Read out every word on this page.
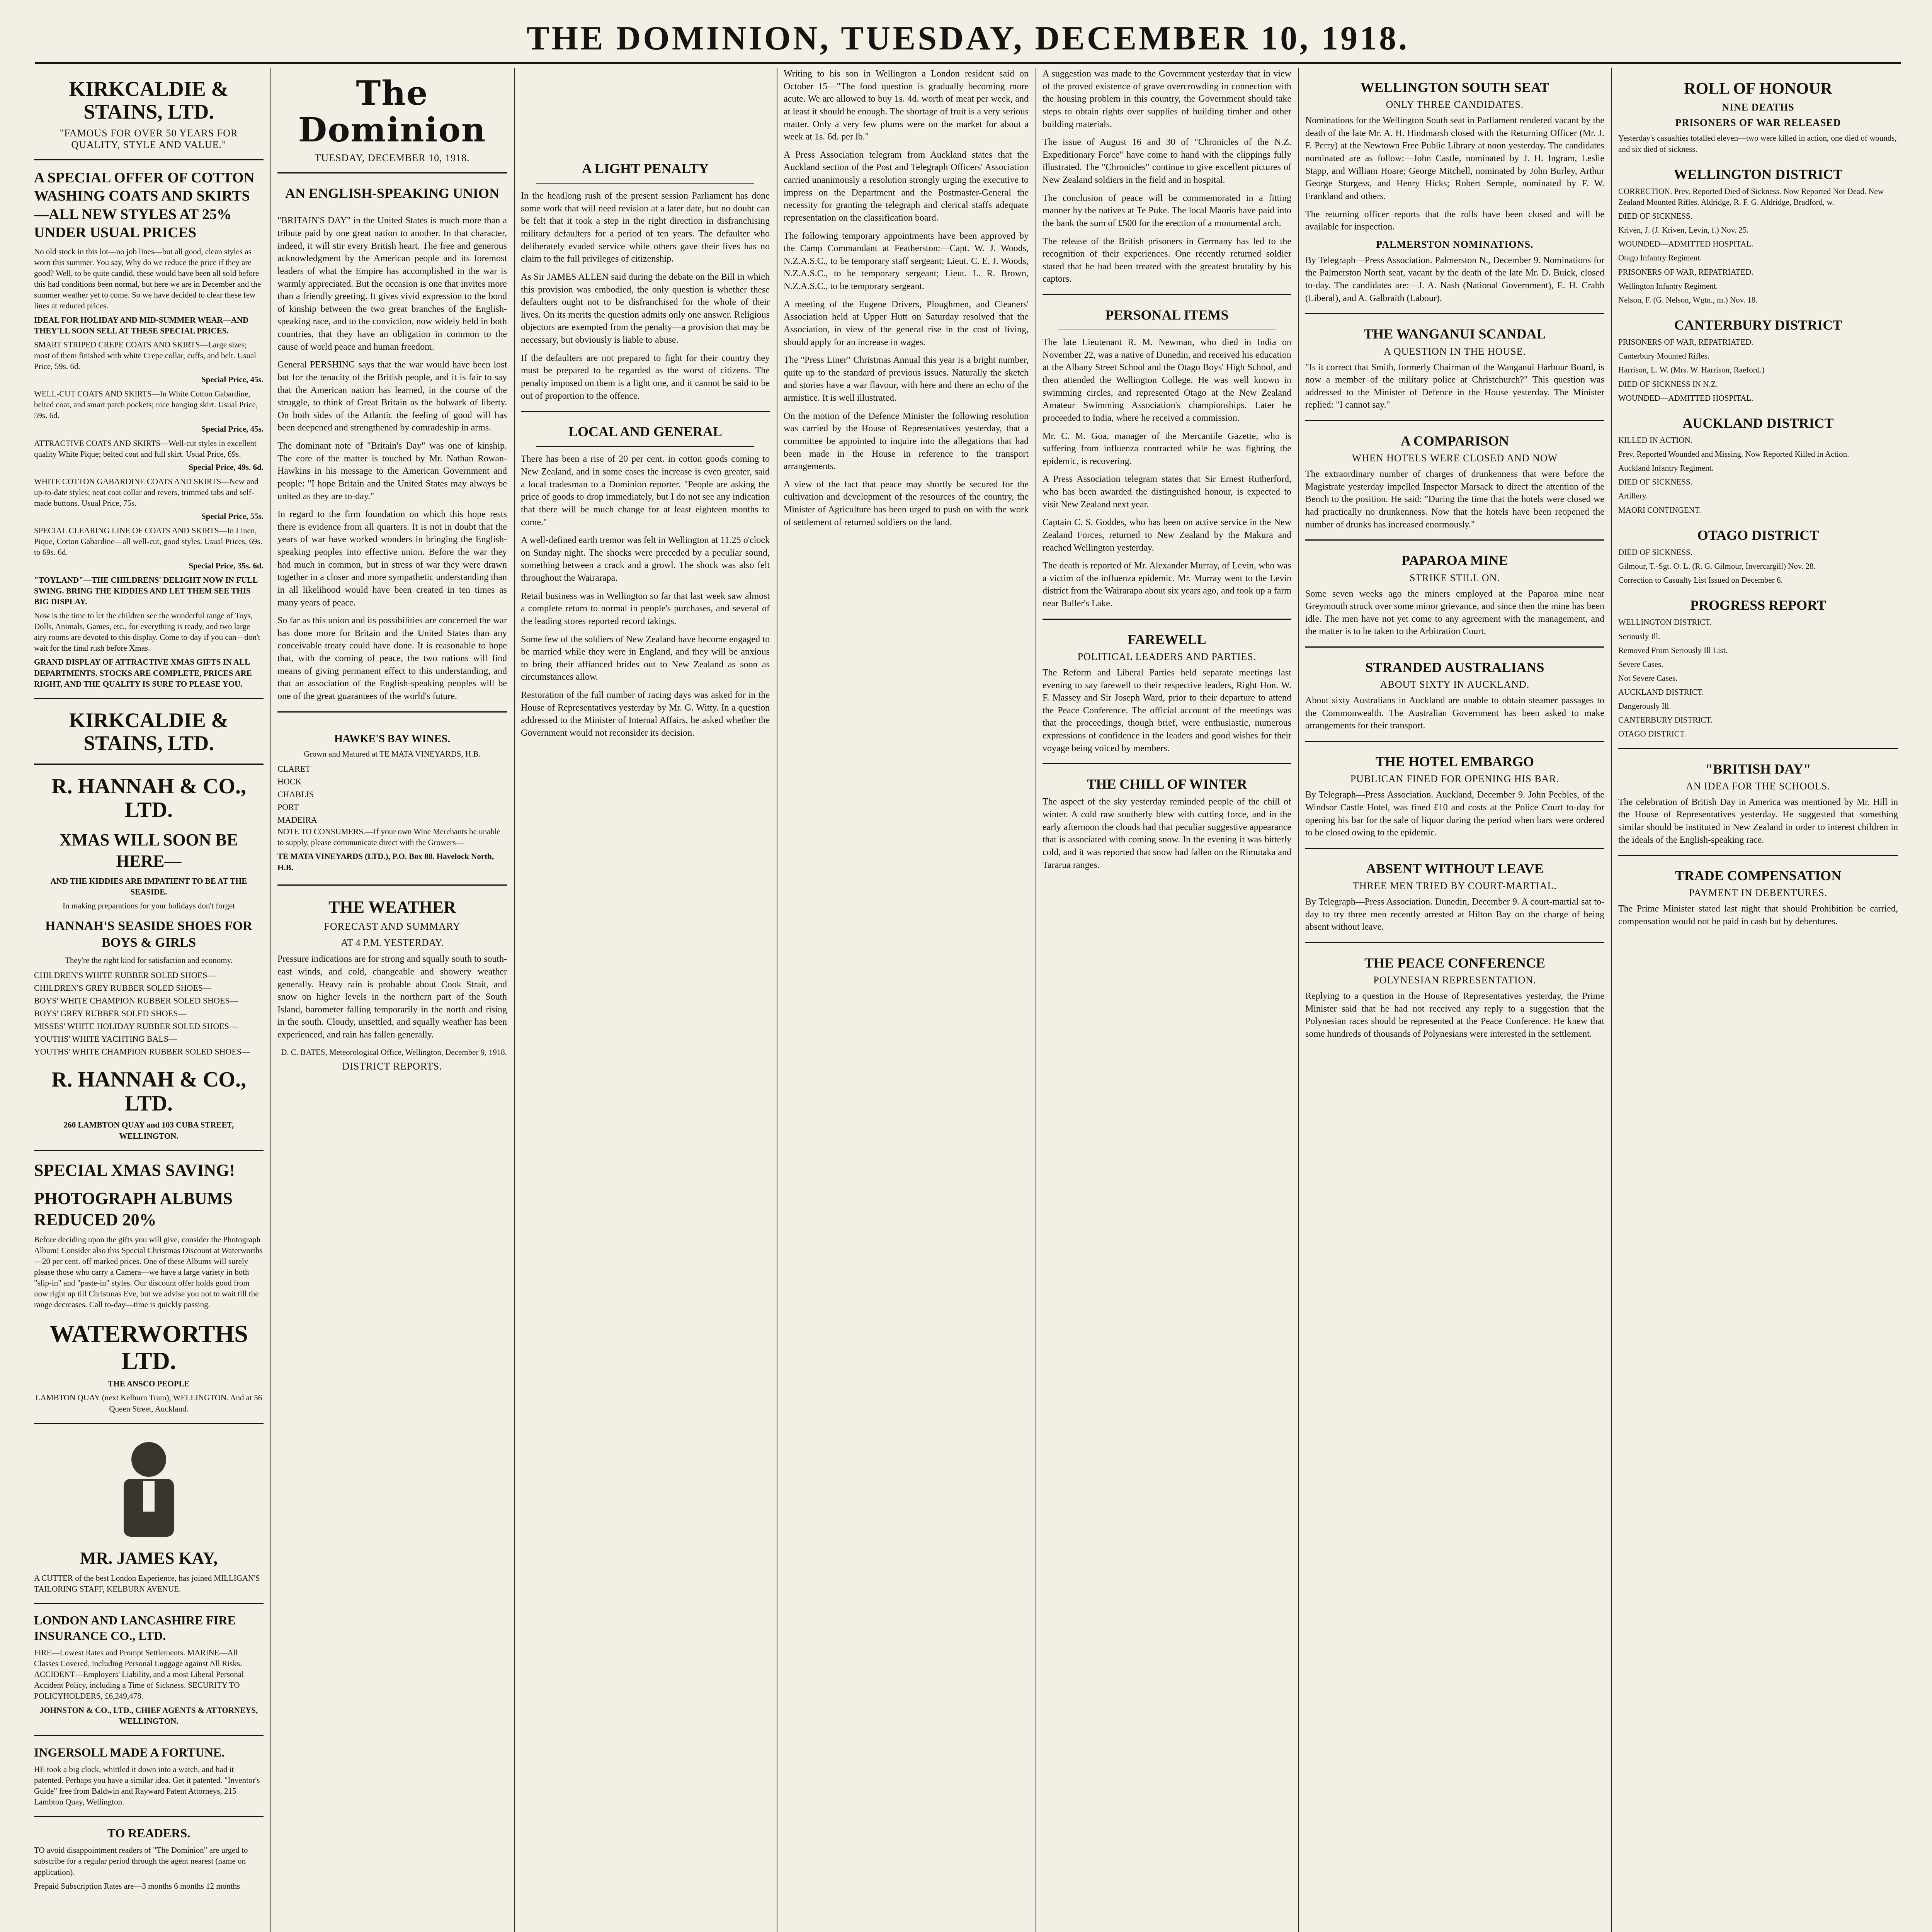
THE DOMINION, TUESDAY, DECEMBER 10, 1918.
KIRKCALDIE & STAINS, LTD.
"FAMOUS FOR OVER 50 YEARS FOR QUALITY, STYLE AND VALUE."
A SPECIAL OFFER OF COTTON WASHING COATS AND SKIRTS—ALL NEW STYLES AT 25% UNDER USUAL PRICES

No old stock in this lot—no job lines—but all good, clean styles as worn this summer. You say, Why do we reduce the price if they are good? Well, to be quite candid, these would have been all sold before this had conditions been normal, but here we are in December and the summer weather yet to come. So we have decided to clear these few lines at reduced prices.

IDEAL FOR HOLIDAY AND MID-SUMMER WEAR—AND THEY'LL SOON SELL AT THESE SPECIAL PRICES.

SMART STRIPED CREPE COATS AND SKIRTS—Large sizes; most of them finished with white Crepe collar, cuffs, and belt. Usual Price, 59s. 6d.

Special Price, 45s.

WELL-CUT COATS AND SKIRTS—In White Cotton Gabardine, belted coat, and smart patch pockets; nice hanging skirt. Usual Price, 59s. 6d.

Special Price, 45s.

ATTRACTIVE COATS AND SKIRTS—Well-cut styles in excellent quality White Pique; belted coat and full skirt. Usual Price, 69s.

Special Price, 49s. 6d.

WHITE COTTON GABARDINE COATS AND SKIRTS—New and up-to-date styles; neat coat collar and revers, trimmed tabs and self-made buttons. Usual Price, 75s.

Special Price, 55s.

SPECIAL CLEARING LINE OF COATS AND SKIRTS—In Linen, Pique, Cotton Gabardine—all well-cut, good styles. Usual Prices, 69s. to 69s. 6d.

Special Price, 35s. 6d.

"TOYLAND"—THE CHILDRENS' DELIGHT NOW IN FULL SWING. BRING THE KIDDIES AND LET THEM SEE THIS BIG DISPLAY.

Now is the time to let the children see the wonderful range of Toys, Dolls, Animals, Games, etc., for everything is ready, and two large airy rooms are devoted to this display. Come to-day if you can—don't wait for the final rush before Xmas.

GRAND DISPLAY OF ATTRACTIVE XMAS GIFTS IN ALL DEPARTMENTS. STOCKS ARE COMPLETE, PRICES ARE RIGHT, AND THE QUALITY IS SURE TO PLEASE YOU.

KIRKCALDIE & STAINS, LTD.
R. HANNAH & CO., LTD.
XMAS WILL SOON BE HERE—

AND THE KIDDIES ARE IMPATIENT TO BE AT THE SEASIDE.

In making preparations for your holidays don't forget

HANNAH'S SEASIDE SHOES FOR BOYS & GIRLS

They're the right kind for satisfaction and economy.

CHILDREN'S WHITE RUBBER SOLED SHOES—

CHILDREN'S GREY RUBBER SOLED SHOES—

BOYS' WHITE CHAMPION RUBBER SOLED SHOES—

BOYS' GREY RUBBER SOLED SHOES—

MISSES' WHITE HOLIDAY RUBBER SOLED SHOES—

YOUTHS' WHITE YACHTING BALS—

YOUTHS' WHITE CHAMPION RUBBER SOLED SHOES—

R. HANNAH & CO., LTD.

260 LAMBTON QUAY and 103 CUBA STREET, WELLINGTON.

SPECIAL XMAS SAVING!
PHOTOGRAPH ALBUMS REDUCED 20%

Before deciding upon the gifts you will give, consider the Photograph Album! Consider also this Special Christmas Discount at Waterworths—20 per cent. off marked prices. One of these Albums will surely please those who carry a Camera—we have a large variety in both "slip-in" and "paste-in" styles. Our discount offer holds good from now right up till Christmas Eve, but we advise you not to wait till the range decreases. Call to-day—time is quickly passing.

WATERWORTHS LTD.

THE ANSCO PEOPLE

LAMBTON QUAY (next Kelburn Tram), WELLINGTON. And at 56 Queen Street, Auckland.

MR. JAMES KAY,

A CUTTER of the best London Experience, has joined MILLIGAN'S TAILORING STAFF, KELBURN AVENUE.

LONDON AND LANCASHIRE FIRE INSURANCE CO., LTD.

FIRE—Lowest Rates and Prompt Settlements. MARINE—All Classes Covered, including Personal Luggage against All Risks. ACCIDENT—Employers' Liability, and a most Liberal Personal Accident Policy, including a Time of Sickness. SECURITY TO POLICYHOLDERS, £6,249,478.

JOHNSTON & CO., LTD., CHIEF AGENTS & ATTORNEYS, WELLINGTON.

INGERSOLL MADE A FORTUNE.

HE took a big clock, whittled it down into a watch, and had it patented. Perhaps you have a similar idea. Get it patented. "Inventor's Guide" free from Baldwin and Rayward Patent Attorneys, 215 Lambton Quay, Wellington.

TO READERS.

TO avoid disappointment readers of "The Dominion" are urged to subscribe for a regular period through the agent nearest (name on application).

Prepaid Subscription Rates are—3 months 6 months 12 months

The Dominion
TUESDAY, DECEMBER 10, 1918.
AN ENGLISH-SPEAKING UNION

"BRITAIN'S DAY" in the United States is much more than a tribute paid by one great nation to another. In that character, indeed, it will stir every British heart. The free and generous acknowledgment by the American people and its foremost leaders of what the Empire has accomplished in the war is warmly appreciated. But the occasion is one that invites more than a friendly greeting. It gives vivid expression to the bond of kinship between the two great branches of the English-speaking race, and to the conviction, now widely held in both countries, that they have an obligation in common to the cause of world peace and human freedom.

General PERSHING says that the war would have been lost but for the tenacity of the British people, and it is fair to say that the American nation has learned, in the course of the struggle, to think of Great Britain as the bulwark of liberty. On both sides of the Atlantic the feeling of good will has been deepened and strengthened by comradeship in arms.

The dominant note of "Britain's Day" was one of kinship. The core of the matter is touched by Mr. Nathan Rowan-Hawkins in his message to the American Government and people: "I hope Britain and the United States may always be united as they are to-day."

In regard to the firm foundation on which this hope rests there is evidence from all quarters. It is not in doubt that the years of war have worked wonders in bringing the English-speaking peoples into effective union. Before the war they had much in common, but in stress of war they were drawn together in a closer and more sympathetic understanding than in all likelihood would have been created in ten times as many years of peace.

So far as this union and its possibilities are concerned the war has done more for Britain and the United States than any conceivable treaty could have done. It is reasonable to hope that, with the coming of peace, the two nations will find means of giving permanent effect to this understanding, and that an association of the English-speaking peoples will be one of the great guarantees of the world's future.

HAWKE'S BAY WINES.

Grown and Matured at TE MATA VINEYARDS, H.B.

CLARET

HOCK

CHABLIS

PORT

MADEIRA

NOTE TO CONSUMERS.—If your own Wine Merchants be unable to supply, please communicate direct with the Growers—

TE MATA VINEYARDS (LTD.), P.O. Box 88. Havelock North, H.B.

THE WEATHER
FORECAST AND SUMMARY
AT 4 P.M. YESTERDAY.

Pressure indications are for strong and squally south to south-east winds, and cold, changeable and showery weather generally. Heavy rain is probable about Cook Strait, and snow on higher levels in the northern part of the South Island, barometer falling temporarily in the north and rising in the south. Cloudy, unsettled, and squally weather has been experienced, and rain has fallen generally.

D. C. BATES, Meteorological Office, Wellington, December 9, 1918.

DISTRICT REPORTS.
A LIGHT PENALTY

In the headlong rush of the present session Parliament has done some work that will need revision at a later date, but no doubt can be felt that it took a step in the right direction in disfranchising military defaulters for a period of ten years. The defaulter who deliberately evaded service while others gave their lives has no claim to the full privileges of citizenship.

As Sir JAMES ALLEN said during the debate on the Bill in which this provision was embodied, the only question is whether these defaulters ought not to be disfranchised for the whole of their lives. On its merits the question admits only one answer. Religious objectors are exempted from the penalty—a provision that may be necessary, but obviously is liable to abuse.

If the defaulters are not prepared to fight for their country they must be prepared to be regarded as the worst of citizens. The penalty imposed on them is a light one, and it cannot be said to be out of proportion to the offence.

LOCAL AND GENERAL

There has been a rise of 20 per cent. in cotton goods coming to New Zealand, and in some cases the increase is even greater, said a local tradesman to a Dominion reporter. "People are asking the price of goods to drop immediately, but I do not see any indication that there will be much change for at least eighteen months to come."

A well-defined earth tremor was felt in Wellington at 11.25 o'clock on Sunday night. The shocks were preceded by a peculiar sound, something between a crack and a growl. The shock was also felt throughout the Wairarapa.

Retail business was in Wellington so far that last week saw almost a complete return to normal in people's purchases, and several of the leading stores reported record takings.

Some few of the soldiers of New Zealand have become engaged to be married while they were in England, and they will be anxious to bring their affianced brides out to New Zealand as soon as circumstances allow.

Restoration of the full number of racing days was asked for in the House of Representatives yesterday by Mr. G. Witty. In a question addressed to the Minister of Internal Affairs, he asked whether the Government would not reconsider its decision.

Writing to his son in Wellington a London resident said on October 15—"The food question is gradually becoming more acute. We are allowed to buy 1s. 4d. worth of meat per week, and at least it should be enough. The shortage of fruit is a very serious matter. Only a very few plums were on the market for about a week at 1s. 6d. per lb."

A Press Association telegram from Auckland states that the Auckland section of the Post and Telegraph Officers' Association carried unanimously a resolution strongly urging the executive to impress on the Department and the Postmaster-General the necessity for granting the telegraph and clerical staffs adequate representation on the classification board.

The following temporary appointments have been approved by the Camp Commandant at Featherston:—Capt. W. J. Woods, N.Z.A.S.C., to be temporary staff sergeant; Lieut. C. E. J. Woods, N.Z.A.S.C., to be temporary sergeant; Lieut. L. R. Brown, N.Z.A.S.C., to be temporary sergeant.

A meeting of the Eugene Drivers, Ploughmen, and Cleaners' Association held at Upper Hutt on Saturday resolved that the Association, in view of the general rise in the cost of living, should apply for an increase in wages.

The "Press Liner" Christmas Annual this year is a bright number, quite up to the standard of previous issues. Naturally the sketch and stories have a war flavour, with here and there an echo of the armistice. It is well illustrated.

On the motion of the Defence Minister the following resolution was carried by the House of Representatives yesterday, that a committee be appointed to inquire into the allegations that had been made in the House in reference to the transport arrangements.

A view of the fact that peace may shortly be secured for the cultivation and development of the resources of the country, the Minister of Agriculture has been urged to push on with the work of settlement of returned soldiers on the land.

A suggestion was made to the Government yesterday that in view of the proved existence of grave overcrowding in connection with the housing problem in this country, the Government should take steps to obtain rights over supplies of building timber and other building materials.

The issue of August 16 and 30 of "Chronicles of the N.Z. Expeditionary Force" have come to hand with the clippings fully illustrated. The "Chronicles" continue to give excellent pictures of New Zealand soldiers in the field and in hospital.

The conclusion of peace will be commemorated in a fitting manner by the natives at Te Puke. The local Maoris have paid into the bank the sum of £500 for the erection of a monumental arch.

The release of the British prisoners in Germany has led to the recognition of their experiences. One recently returned soldier stated that he had been treated with the greatest brutality by his captors.

PERSONAL ITEMS

The late Lieutenant R. M. Newman, who died in India on November 22, was a native of Dunedin, and received his education at the Albany Street School and the Otago Boys' High School, and then attended the Wellington College. He was well known in swimming circles, and represented Otago at the New Zealand Amateur Swimming Association's championships. Later he proceeded to India, where he received a commission.

Mr. C. M. Goa, manager of the Mercantile Gazette, who is suffering from influenza contracted while he was fighting the epidemic, is recovering.

A Press Association telegram states that Sir Ernest Rutherford, who has been awarded the distinguished honour, is expected to visit New Zealand next year.

Captain C. S. Goddes, who has been on active service in the New Zealand Forces, returned to New Zealand by the Makura and reached Wellington yesterday.

The death is reported of Mr. Alexander Murray, of Levin, who was a victim of the influenza epidemic. Mr. Murray went to the Levin district from the Wairarapa about six years ago, and took up a farm near Buller's Lake.

FAREWELL
POLITICAL LEADERS AND PARTIES.

The Reform and Liberal Parties held separate meetings last evening to say farewell to their respective leaders, Right Hon. W. F. Massey and Sir Joseph Ward, prior to their departure to attend the Peace Conference. The official account of the meetings was that the proceedings, though brief, were enthusiastic, numerous expressions of confidence in the leaders and good wishes for their voyage being voiced by members.

THE CHILL OF WINTER

The aspect of the sky yesterday reminded people of the chill of winter. A cold raw southerly blew with cutting force, and in the early afternoon the clouds had that peculiar suggestive appearance that is associated with coming snow. In the evening it was bitterly cold, and it was reported that snow had fallen on the Rimutaka and Tararua ranges.

WELLINGTON SOUTH SEAT
ONLY THREE CANDIDATES.

Nominations for the Wellington South seat in Parliament rendered vacant by the death of the late Mr. A. H. Hindmarsh closed with the Returning Officer (Mr. J. F. Perry) at the Newtown Free Public Library at noon yesterday. The candidates nominated are as follow:—John Castle, nominated by J. H. Ingram, Leslie Stapp, and William Hoare; George Mitchell, nominated by John Burley, Arthur George Sturgess, and Henry Hicks; Robert Semple, nominated by F. W. Frankland and others.

The returning officer reports that the rolls have been closed and will be available for inspection.

PALMERSTON NOMINATIONS.

By Telegraph—Press Association. Palmerston N., December 9. Nominations for the Palmerston North seat, vacant by the death of the late Mr. D. Buick, closed to-day. The candidates are:—J. A. Nash (National Government), E. H. Crabb (Liberal), and A. Galbraith (Labour).

THE WANGANUI SCANDAL
A QUESTION IN THE HOUSE.

"Is it correct that Smith, formerly Chairman of the Wanganui Harbour Board, is now a member of the military police at Christchurch?" This question was addressed to the Minister of Defence in the House yesterday. The Minister replied: "I cannot say."

A COMPARISON
WHEN HOTELS WERE CLOSED AND NOW

The extraordinary number of charges of drunkenness that were before the Magistrate yesterday impelled Inspector Marsack to direct the attention of the Bench to the position. He said: "During the time that the hotels were closed we had practically no drunkenness. Now that the hotels have been reopened the number of drunks has increased enormously."

PAPAROA MINE
STRIKE STILL ON.

Some seven weeks ago the miners employed at the Paparoa mine near Greymouth struck over some minor grievance, and since then the mine has been idle. The men have not yet come to any agreement with the management, and the matter is to be taken to the Arbitration Court.

STRANDED AUSTRALIANS
ABOUT SIXTY IN AUCKLAND.

About sixty Australians in Auckland are unable to obtain steamer passages to the Commonwealth. The Australian Government has been asked to make arrangements for their transport.

THE HOTEL EMBARGO
PUBLICAN FINED FOR OPENING HIS BAR.

By Telegraph—Press Association. Auckland, December 9. John Peebles, of the Windsor Castle Hotel, was fined £10 and costs at the Police Court to-day for opening his bar for the sale of liquor during the period when bars were ordered to be closed owing to the epidemic.

ABSENT WITHOUT LEAVE
THREE MEN TRIED BY COURT-MARTIAL.

By Telegraph—Press Association. Dunedin, December 9. A court-martial sat to-day to try three men recently arrested at Hilton Bay on the charge of being absent without leave.

THE PEACE CONFERENCE
POLYNESIAN REPRESENTATION.

Replying to a question in the House of Representatives yesterday, the Prime Minister said that he had not received any reply to a suggestion that the Polynesian races should be represented at the Peace Conference. He knew that some hundreds of thousands of Polynesians were interested in the settlement.

ROLL OF HONOUR
NINE DEATHS
PRISONERS OF WAR RELEASED

Yesterday's casualties totalled eleven—two were killed in action, one died of wounds, and six died of sickness.

WELLINGTON DISTRICT

CORRECTION. Prev. Reported Died of Sickness. Now Reported Not Dead. New Zealand Mounted Rifles. Aldridge, R. F. G. Aldridge, Bradford, w.

DIED OF SICKNESS.

Kriven, J. (J. Kriven, Levin, f.) Nov. 25.

WOUNDED—ADMITTED HOSPITAL.

Otago Infantry Regiment.

PRISONERS OF WAR, REPATRIATED.

Wellington Infantry Regiment.

Nelson, F. (G. Nelson, Wgtn., m.) Nov. 18.

CANTERBURY DISTRICT

PRISONERS OF WAR, REPATRIATED.

Canterbury Mounted Rifles.

Harrison, L. W. (Mrs. W. Harrison, Raeford.)

DIED OF SICKNESS IN N.Z.

WOUNDED—ADMITTED HOSPITAL.

AUCKLAND DISTRICT

KILLED IN ACTION.

Prev. Reported Wounded and Missing. Now Reported Killed in Action.

Auckland Infantry Regiment.

DIED OF SICKNESS.

Artillery.

MAORI CONTINGENT.

OTAGO DISTRICT

DIED OF SICKNESS.

Gilmour, T.-Sgt. O. L. (R. G. Gilmour, Invercargill) Nov. 28.

Correction to Casualty List Issued on December 6.

PROGRESS REPORT

WELLINGTON DISTRICT.

Seriously Ill.

Removed From Seriously Ill List.

Severe Cases.

Not Severe Cases.

AUCKLAND DISTRICT.

Dangerously Ill.

CANTERBURY DISTRICT.

OTAGO DISTRICT.

"BRITISH DAY"
AN IDEA FOR THE SCHOOLS.

The celebration of British Day in America was mentioned by Mr. Hill in the House of Representatives yesterday. He suggested that something similar should be instituted in New Zealand in order to interest children in the ideals of the English-speaking race.

TRADE COMPENSATION
PAYMENT IN DEBENTURES.

The Prime Minister stated last night that should Prohibition be carried, compensation would not be paid in cash but by debentures.
